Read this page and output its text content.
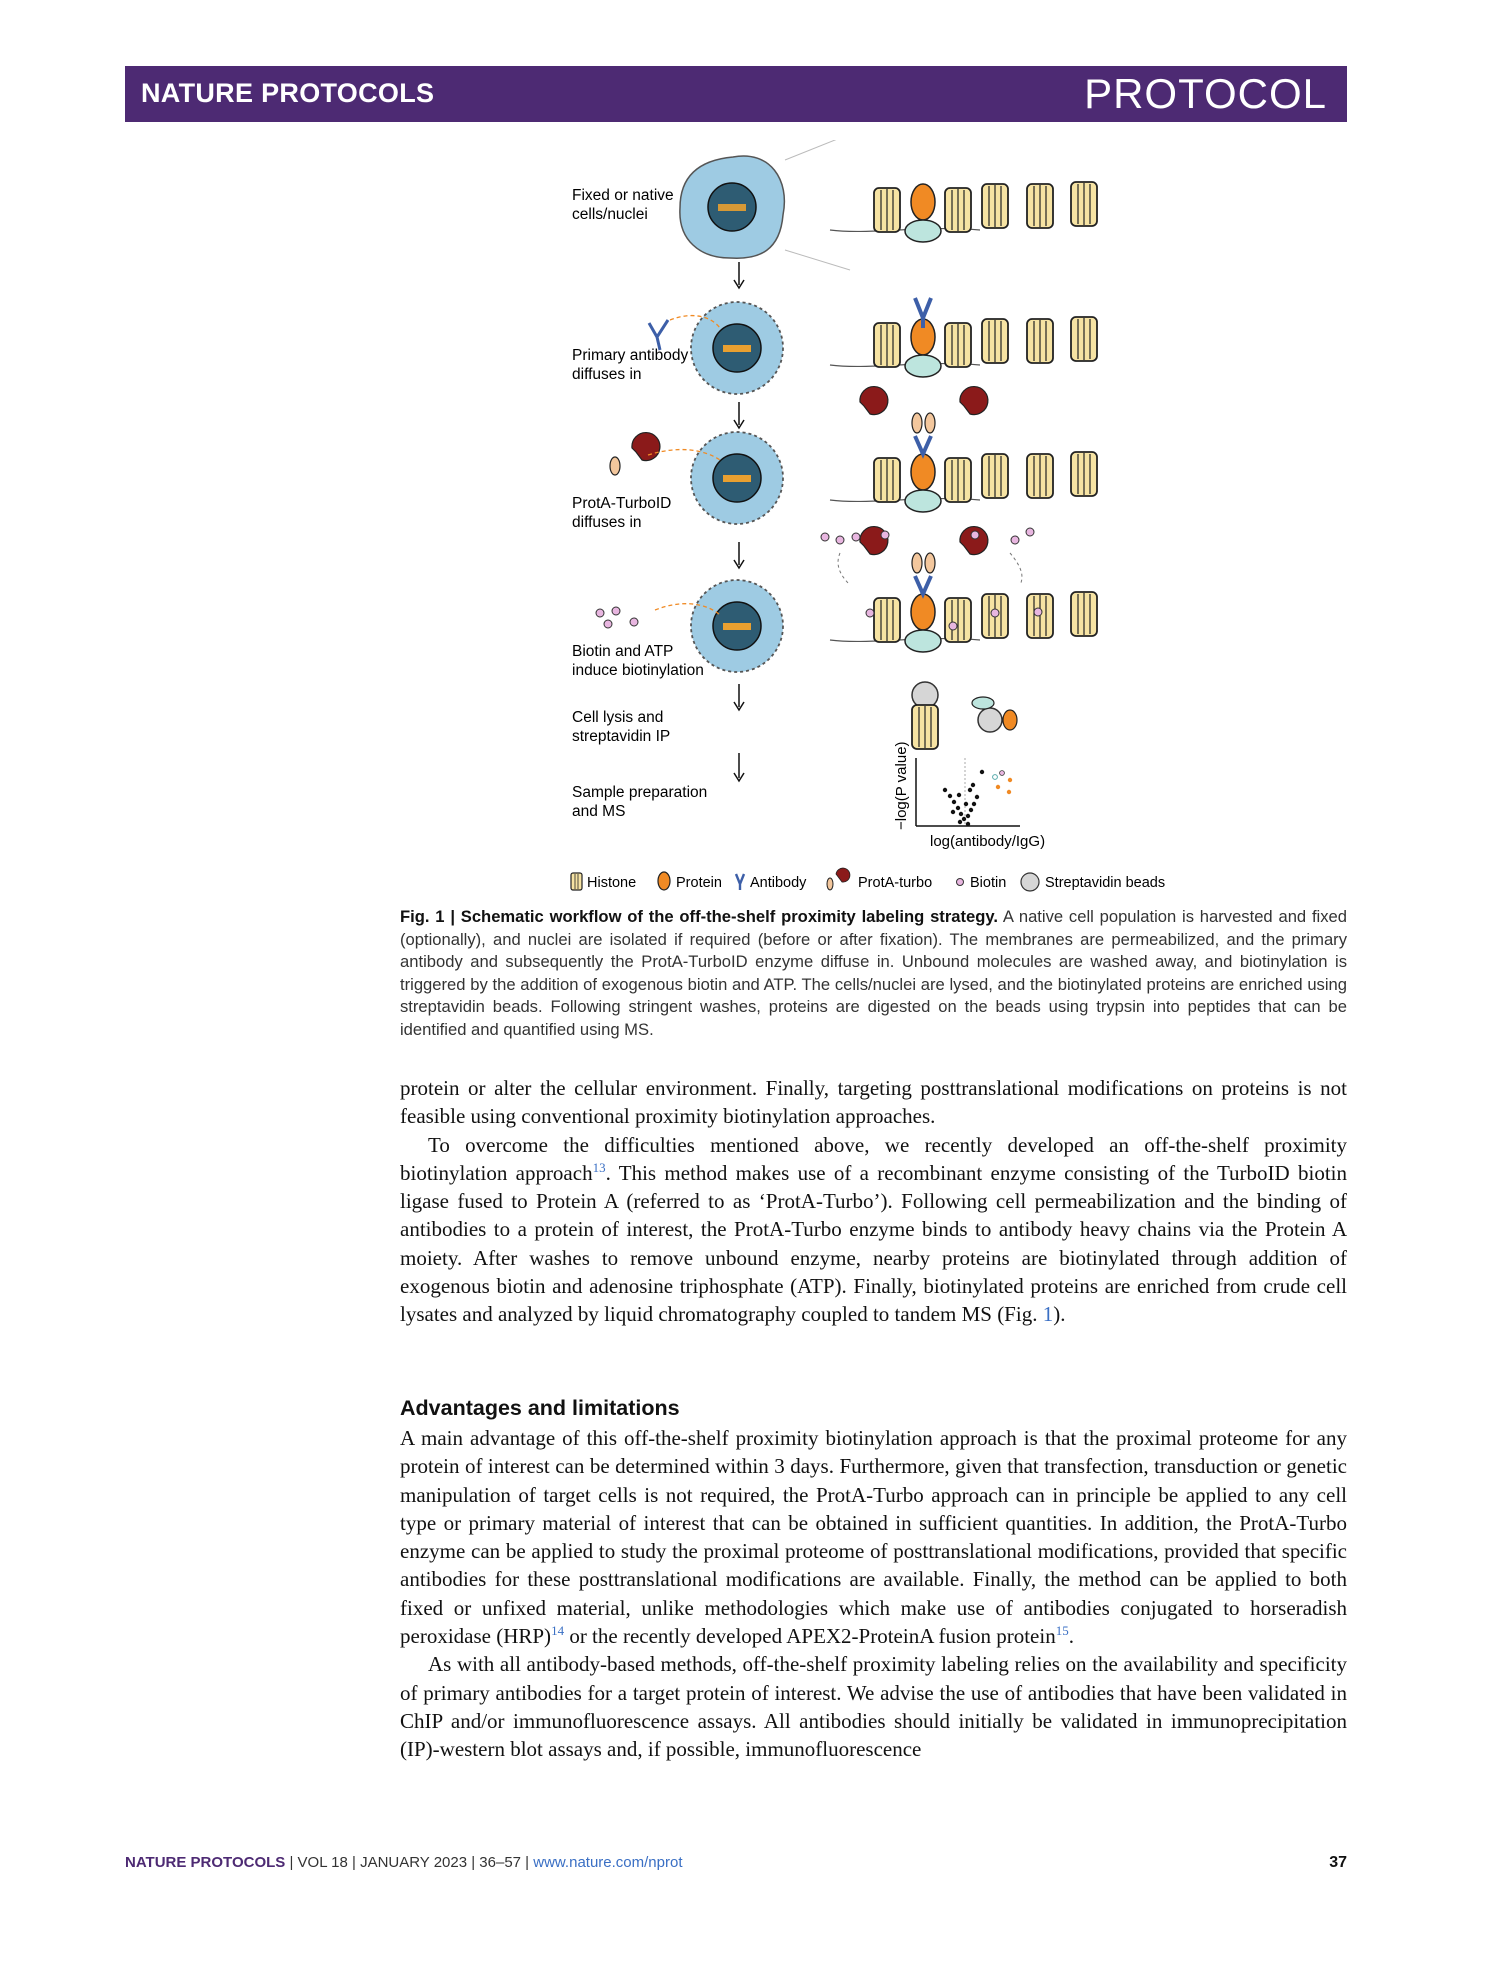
NATURE PROTOCOLS	PROTOCOL
Fixed or native
cells/nuclei
Primary antibody
diffuses in
ProtA-TurboID
diffuses in
Biotin and ATP
induce biotinylation
Cell lysis and
streptavidin IP
Sample preparation
and MS	−log(P value)
log(antibody/IgG)
Histone	Protein Antibody	ProtA-turbo	Biotin	Streptavidin beads
Fig. 1 | Schematic workflow of the off-the-shelf proximity labeling strategy. A native cell population is harvested and fixed (optionally), and nuclei are isolated if required (before or after fixation). The membranes are permeabilized, and the primary antibody and subsequently the ProtA-TurboID enzyme diffuse in. Unbound molecules are washed away, and biotinylation is triggered by the addition of exogenous biotin and ATP. The cells/nuclei are lysed, and the biotinylated proteins are enriched using streptavidin beads. Following stringent washes, proteins are digested on the beads using trypsin into peptides that can be identified and quantified using MS.

protein or alter the cellular environment. Finally, targeting posttranslational modifications on proteins is not feasible using conventional proximity biotinylation approaches.

To overcome the difficulties mentioned above, we recently developed an off-the-shelf proximity biotinylation approach$^{13}$. This method makes use of a recombinant enzyme consisting of the TurboID biotin ligase fused to Protein A (referred to as ‘ProtA-Turbo’). Following cell permeabilization and the binding of antibodies to a protein of interest, the ProtA-Turbo enzyme binds to antibody heavy chains via the Protein A moiety. After washes to remove unbound enzyme, nearby proteins are biotinylated through addition of exogenous biotin and adenosine triphosphate (ATP). Finally, biotinylated proteins are enriched from crude cell lysates and analyzed by liquid chromatography coupled to tandem MS (Fig. 1).

Advantages and limitations

A main advantage of this off-the-shelf proximity biotinylation approach is that the proximal proteome for any protein of interest can be determined within 3 days. Furthermore, given that transfection, transduction or genetic manipulation of target cells is not required, the ProtA-Turbo approach can in principle be applied to any cell type or primary material of interest that can be obtained in sufficient quantities. In addition, the ProtA-Turbo enzyme can be applied to study the proximal proteome of posttranslational modifications, provided that specific antibodies for these posttranslational modifications are available. Finally, the method can be applied to both fixed or unfixed material, unlike methodologies which make use of antibodies conjugated to horseradish peroxidase (HRP)$^{14}$ or the recently developed APEX2-ProteinA fusion protein$^{15}$.

As with all antibody-based methods, off-the-shelf proximity labeling relies on the availability and specificity of primary antibodies for a target protein of interest. We advise the use of antibodies that have been validated in ChIP and/or immunofluorescence assays. All antibodies should initially be validated in immunoprecipitation (IP)-western blot assays and, if possible, immunofluorescence

NATURE PROTOCOLS | VOL 18 | JANUARY 2023 | 36–57 | www.nature.com/nprot	37
